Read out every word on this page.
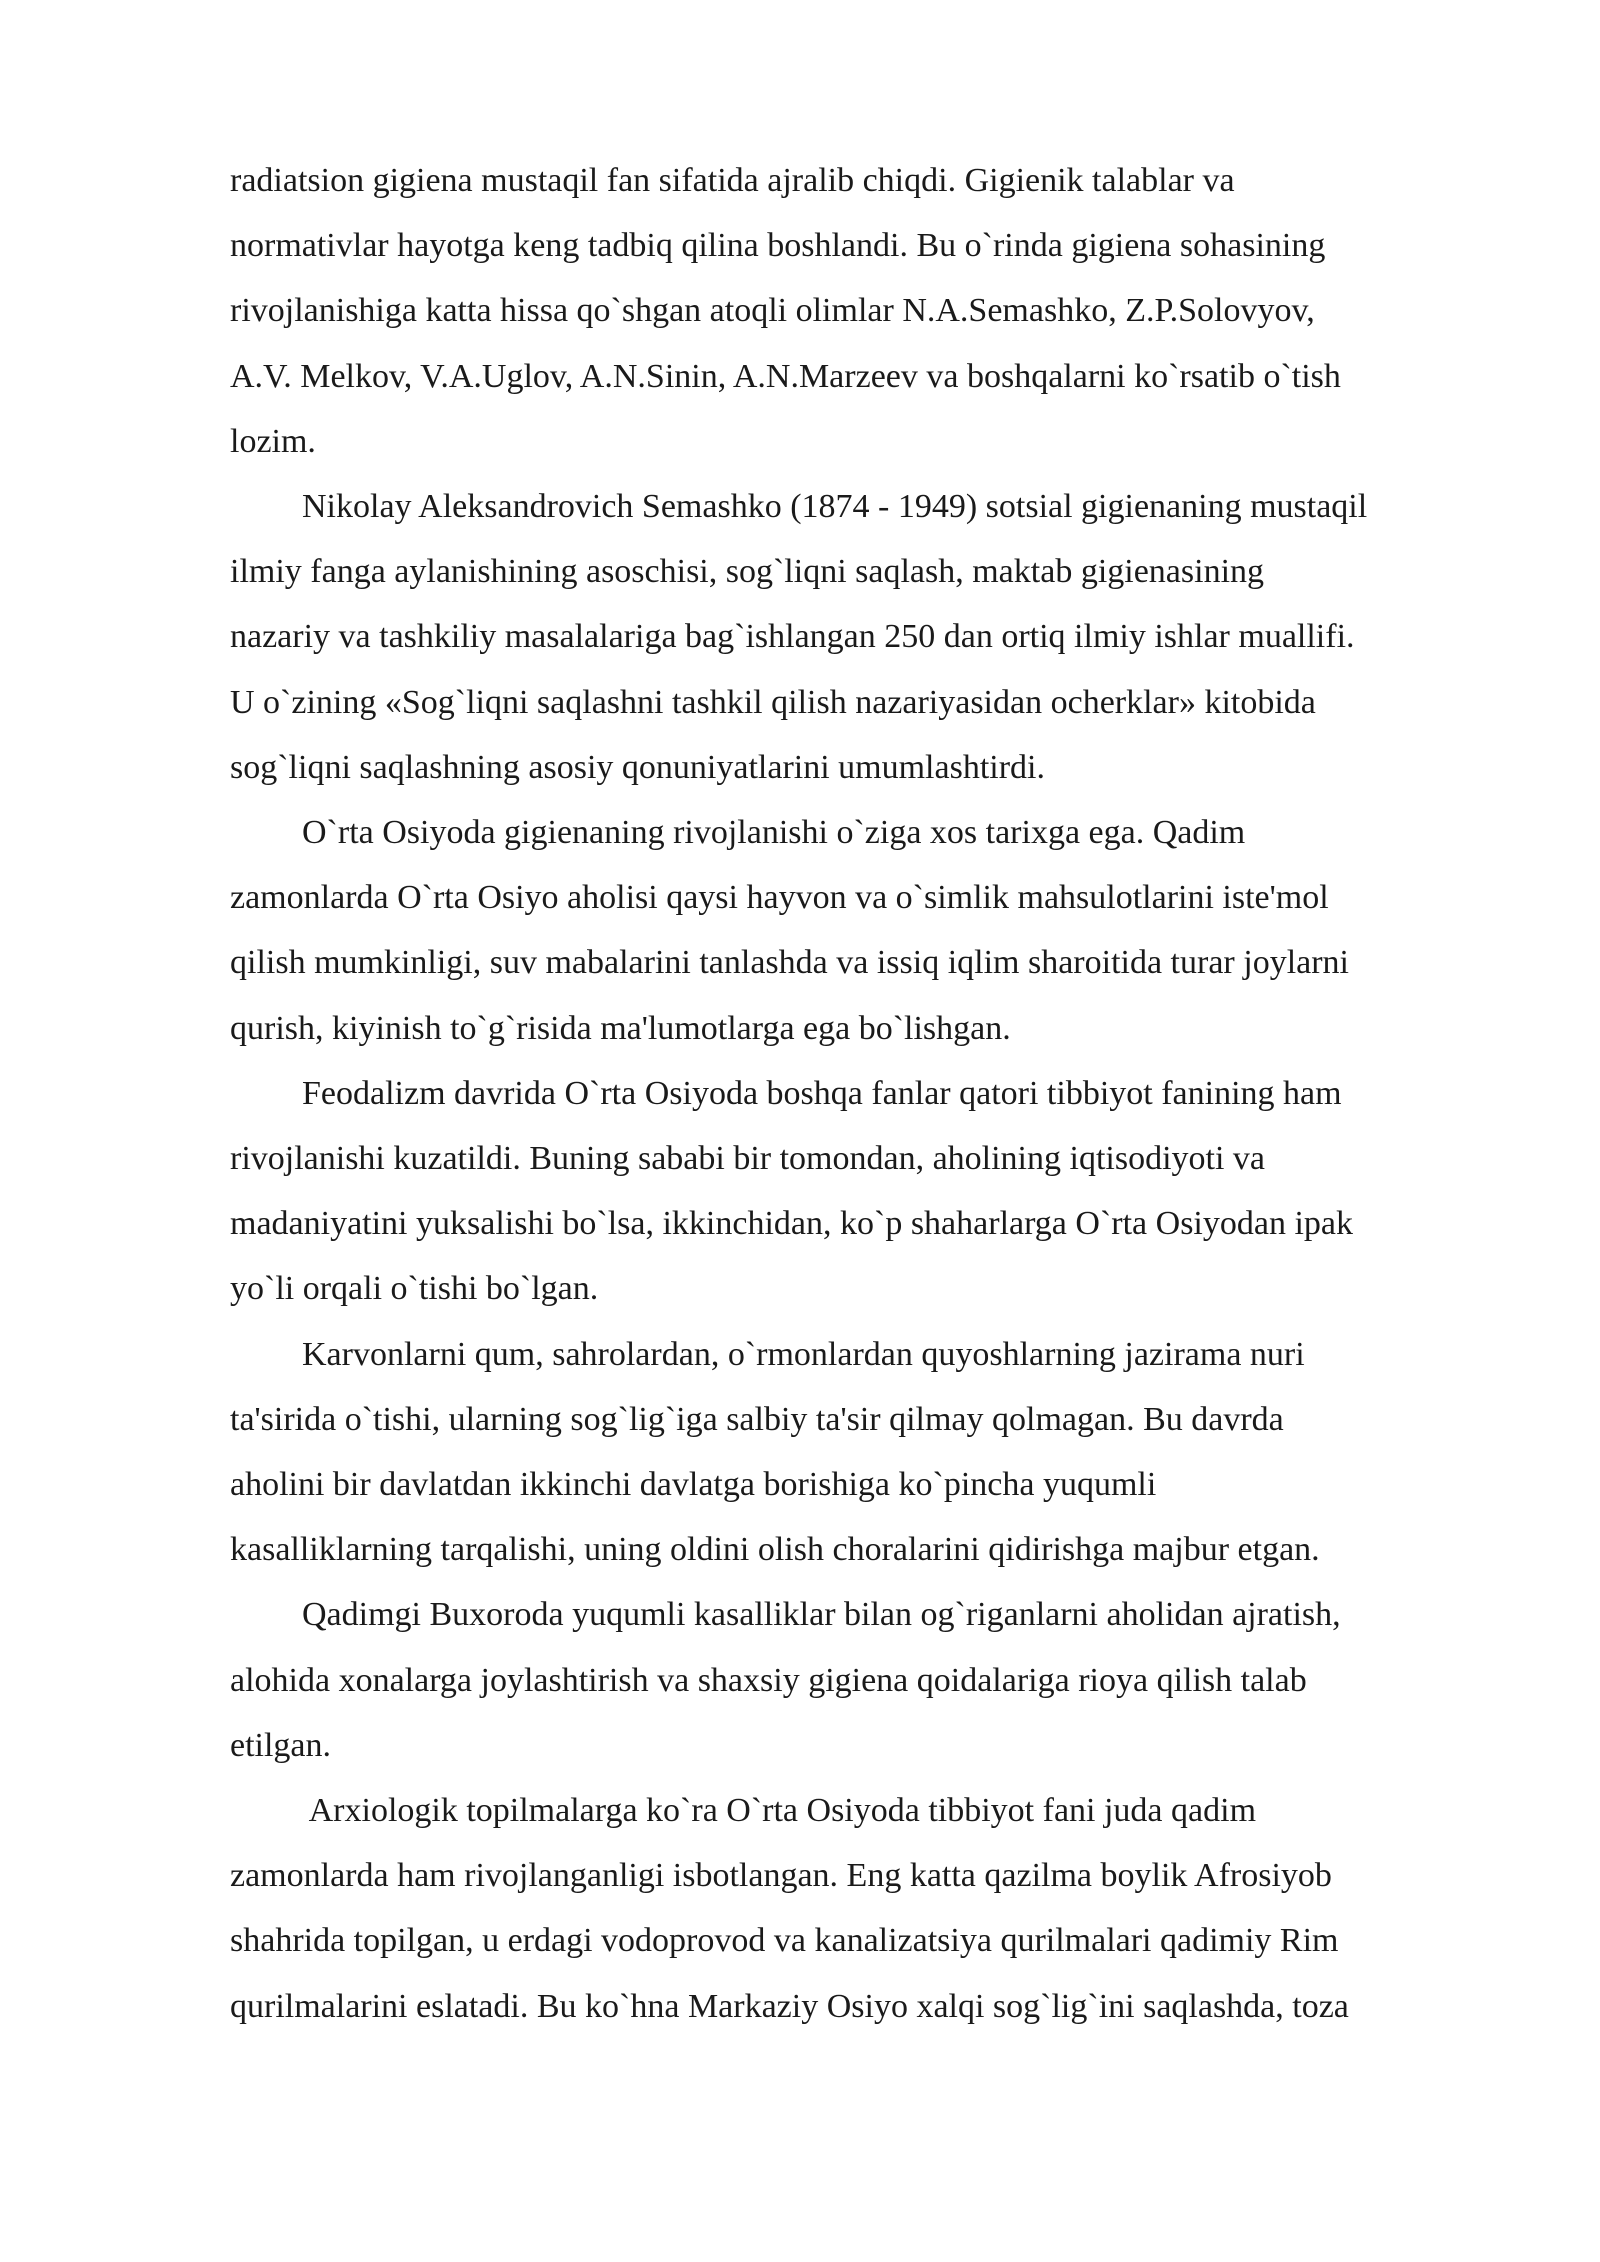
radiatsion gigiena mustaqil fan sifatida ajralib chiqdi. Gigienik talablar va

normativlar hayotga keng tadbiq qilina boshlandi. Bu o`rinda gigiena sohasining

rivojlanishiga katta hissa qo`shgan atoqli olimlar N.A.Semashko, Z.P.Solovyov,

A.V. Melkov, V.A.Uglov, A.N.Sinin, A.N.Marzeev va boshqalarni ko`rsatib o`tish

lozim.

Nikolay Aleksandrovich Semashko (1874 - 1949) sotsial gigienaning mustaqil

ilmiy fanga aylanishining asoschisi, sog`liqni saqlash, maktab gigienasining

nazariy va tashkiliy masalalariga bag`ishlangan 250 dan ortiq ilmiy ishlar muallifi.

U o`zining «Sog`liqni saqlashni tashkil qilish nazariyasidan ocherklar» kitobida

sog`liqni saqlashning asosiy qonuniyatlarini umumlashtirdi.

O`rta Osiyoda gigienaning rivojlanishi o`ziga xos tarixga ega. Qadim

zamonlarda O`rta Osiyo aholisi qaysi hayvon va o`simlik mahsulotlarini iste'mol

qilish mumkinligi, suv mabalarini tanlashda va issiq iqlim sharoitida turar joylarni

qurish, kiyinish to`g`risida ma'lumotlarga ega bo`lishgan.

Feodalizm davrida O`rta Osiyoda boshqa fanlar qatori tibbiyot fanining ham

rivojlanishi kuzatildi. Buning sababi bir tomondan, aholining iqtisodiyoti va

madaniyatini yuksalishi bo`lsa, ikkinchidan, ko`p shaharlarga O`rta Osiyodan ipak

yo`li orqali o`tishi bo`lgan.

Karvonlarni qum, sahrolardan, o`rmonlardan quyoshlarning jazirama nuri

ta'sirida o`tishi, ularning sog`lig`iga salbiy ta'sir qilmay qolmagan. Bu davrda

aholini bir davlatdan ikkinchi davlatga borishiga ko`pincha yuqumli

kasalliklarning tarqalishi, uning oldini olish choralarini qidirishga majbur etgan.

Qadimgi Buxoroda yuqumli kasalliklar bilan og`riganlarni aholidan ajratish,

alohida xonalarga joylashtirish va shaxsiy gigiena qoidalariga rioya qilish talab

etilgan.

Arxiologik topilmalarga ko`ra O`rta Osiyoda tibbiyot fani juda qadim

zamonlarda ham rivojlanganligi isbotlangan. Eng katta qazilma boylik Afrosiyob

shahrida topilgan, u erdagi vodoprovod va kanalizatsiya qurilmalari qadimiy Rim

qurilmalarini eslatadi. Bu ko`hna Markaziy Osiyo xalqi sog`lig`ini saqlashda, toza
